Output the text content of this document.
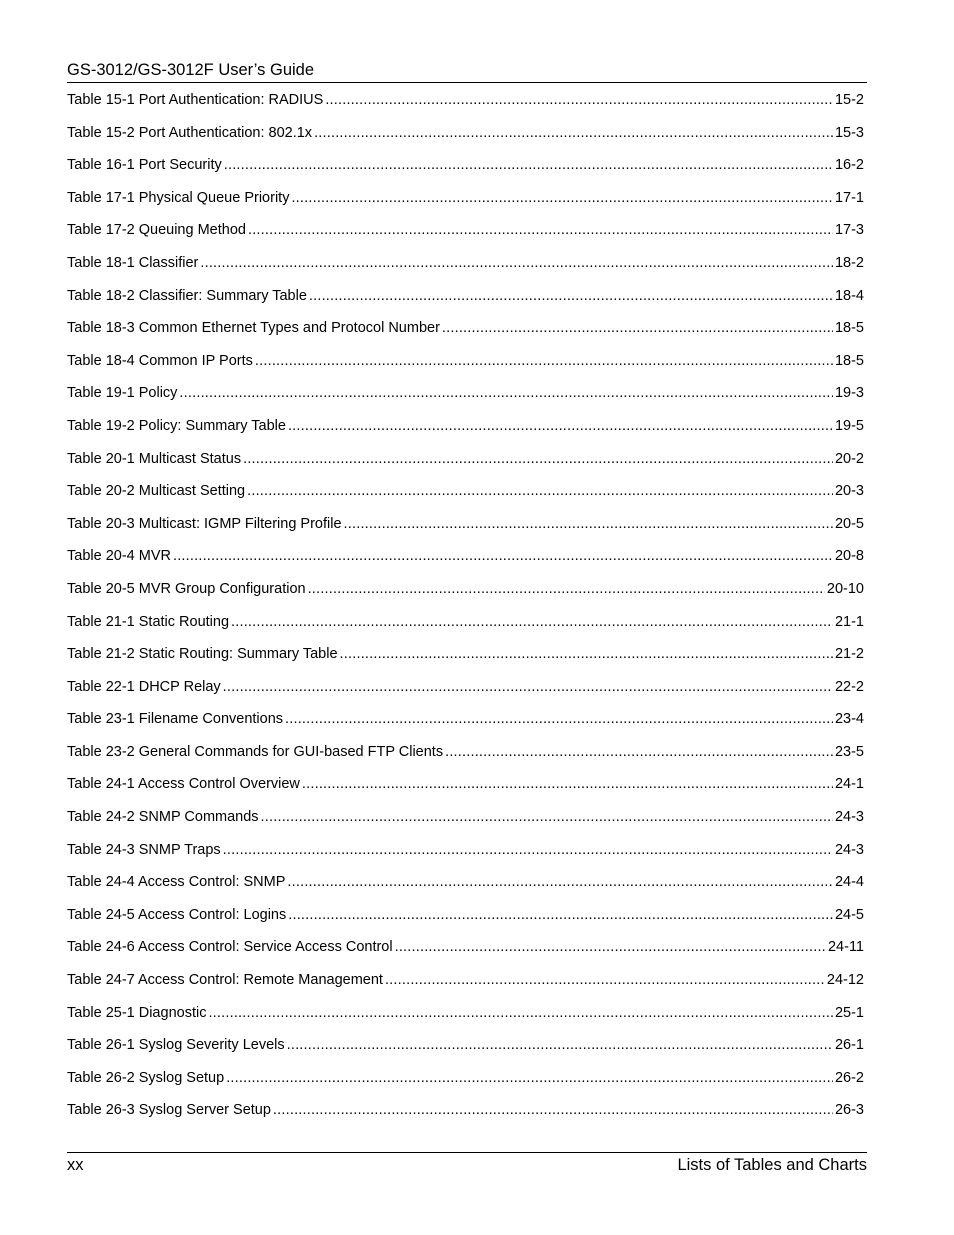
GS-3012/GS-3012F User’s Guide
Table 15-1 Port Authentication: RADIUS .....	15-2
Table 15-2 Port Authentication: 802.1x .....	15-3
Table 16-1 Port Security .....	16-2
Table 17-1 Physical Queue Priority .....	17-1
Table 17-2 Queuing Method .....	17-3
Table 18-1 Classifier .....	18-2
Table 18-2 Classifier: Summary Table .....	18-4
Table 18-3 Common Ethernet Types and Protocol Number .....	18-5
Table 18-4 Common IP Ports .....	18-5
Table 19-1 Policy .....	19-3
Table 19-2 Policy: Summary Table .....	19-5
Table 20-1 Multicast Status .....	20-2
Table 20-2 Multicast Setting .....	20-3
Table 20-3 Multicast: IGMP Filtering Profile .....	20-5
Table 20-4 MVR .....	20-8
Table 20-5 MVR Group Configuration .....	20-10
Table 21-1 Static Routing .....	21-1
Table 21-2 Static Routing: Summary Table .....	21-2
Table 22-1 DHCP Relay .....	22-2
Table 23-1 Filename Conventions .....	23-4
Table 23-2 General Commands for GUI-based FTP Clients .....	23-5
Table 24-1 Access Control Overview .....	24-1
Table 24-2 SNMP Commands .....	24-3
Table 24-3 SNMP Traps .....	24-3
Table 24-4 Access Control: SNMP .....	24-4
Table 24-5 Access Control: Logins .....	24-5
Table 24-6 Access Control: Service Access Control .....	24-11
Table 24-7 Access Control: Remote Management .....	24-12
Table 25-1 Diagnostic .....	25-1
Table 26-1 Syslog Severity Levels .....	26-1
Table 26-2 Syslog Setup .....	26-2
Table 26-3 Syslog Server Setup .....	26-3
xx	Lists of Tables and Charts
